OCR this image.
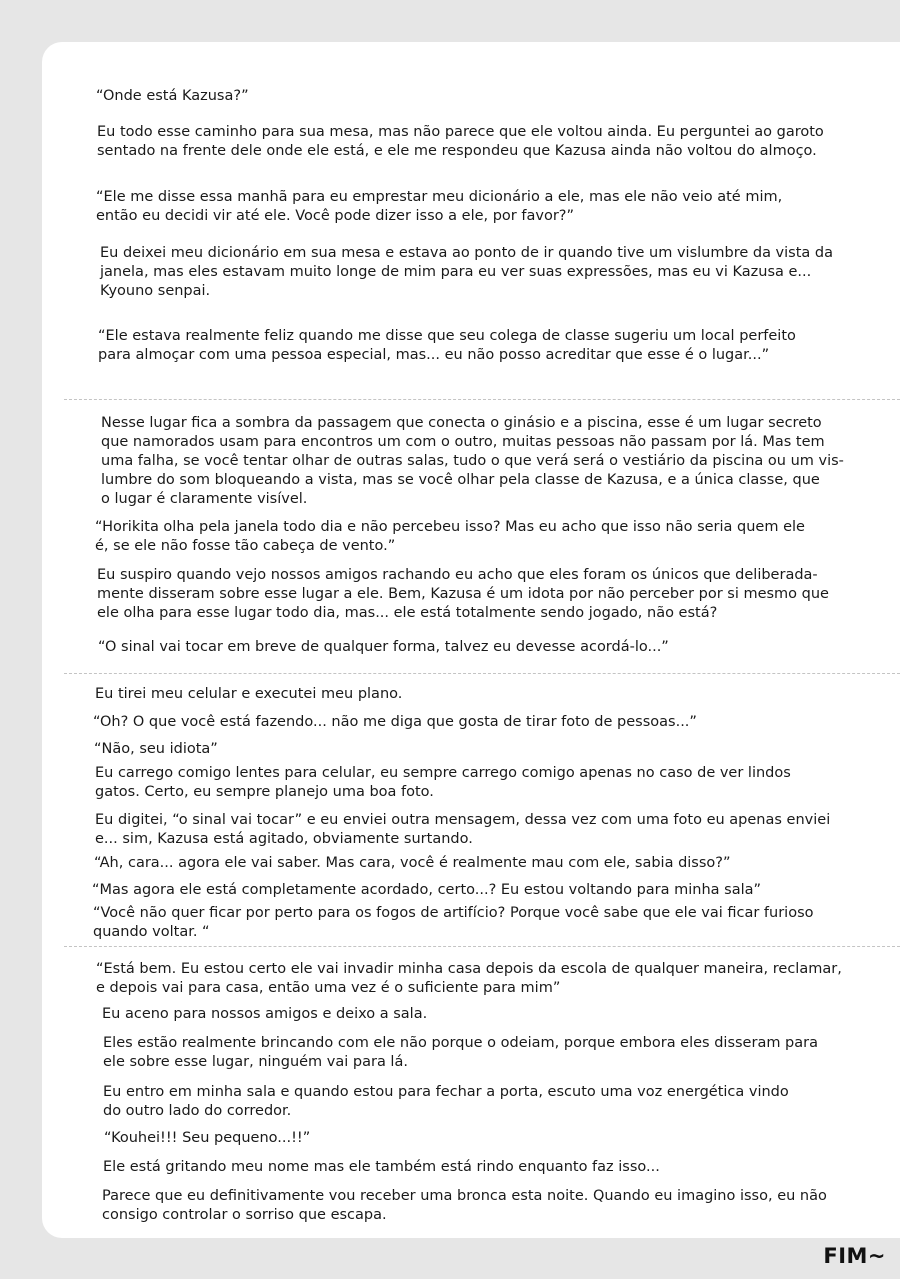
“Onde está Kazusa?”
Eu todo esse caminho para sua mesa, mas não parece que ele voltou ainda. Eu perguntei ao garoto
sentado na frente dele onde ele está, e ele me respondeu que Kazusa ainda não voltou do almoço.
“Ele me disse essa manhã para eu emprestar meu dicionário a ele, mas ele não veio até mim,
então eu decidi vir até ele. Você pode dizer isso a ele, por favor?”
Eu deixei meu dicionário em sua mesa e estava ao ponto de ir quando tive um vislumbre da vista da
janela, mas eles estavam muito longe de mim para eu ver suas expressões, mas eu vi Kazusa e...
Kyouno senpai.
“Ele estava realmente feliz quando me disse que seu colega de classe sugeriu um local perfeito
para almoçar com uma pessoa especial, mas... eu não posso acreditar que esse é o lugar...”
Nesse lugar fica a sombra da passagem que conecta o ginásio e a piscina, esse é um lugar secreto
que namorados usam para encontros um com o outro, muitas pessoas não passam por lá. Mas tem
uma falha, se você tentar olhar de outras salas, tudo o que verá será o vestiário da piscina ou um vis-
lumbre do som bloqueando a vista, mas se você olhar pela classe de Kazusa, e a única classe, que
o lugar é claramente visível.
“Horikita olha pela janela todo dia e não percebeu isso? Mas eu acho que isso não seria quem ele
é, se ele não fosse tão cabeça de vento.”
Eu suspiro quando vejo nossos amigos rachando eu acho que eles foram os únicos que deliberada-
mente disseram sobre esse lugar a ele. Bem, Kazusa é um idota por não perceber por si mesmo que
ele olha para esse lugar todo dia, mas... ele está totalmente sendo jogado, não está?
“O sinal vai tocar em breve de qualquer forma, talvez eu devesse acordá-lo...”
Eu tirei meu celular e executei meu plano.
“Oh? O que você está fazendo... não me diga que gosta de tirar foto de pessoas...”
“Não, seu idiota”
Eu carrego comigo lentes para celular, eu sempre carrego comigo apenas no caso de ver lindos
gatos. Certo, eu sempre planejo uma boa foto.
Eu digitei, “o sinal vai tocar” e eu enviei outra mensagem, dessa vez com uma foto eu apenas enviei
e... sim, Kazusa está agitado, obviamente surtando.
“Ah, cara... agora ele vai saber. Mas cara, você é realmente mau com ele, sabia disso?”
“Mas agora ele está completamente acordado, certo...? Eu estou voltando para minha sala”
“Você não quer ficar por perto para os fogos de artifício? Porque você sabe que ele vai ficar furioso
quando voltar. “
“Está bem. Eu estou certo ele vai invadir minha casa depois da escola de qualquer maneira, reclamar,
e depois vai para casa, então uma vez é o suficiente para mim”
Eu aceno para nossos amigos e deixo a sala.
Eles estão realmente brincando com ele não porque o odeiam, porque embora eles disseram para
ele sobre esse lugar, ninguém vai para lá.
Eu entro em minha sala e quando estou para fechar a porta, escuto uma voz energética vindo
do outro lado do corredor.
“Kouhei!!! Seu pequeno...!!”
Ele está gritando meu nome mas ele também está rindo enquanto faz isso...
Parece que eu definitivamente vou receber uma bronca esta noite. Quando eu imagino isso, eu não
consigo controlar o sorriso que escapa.
FIM~
